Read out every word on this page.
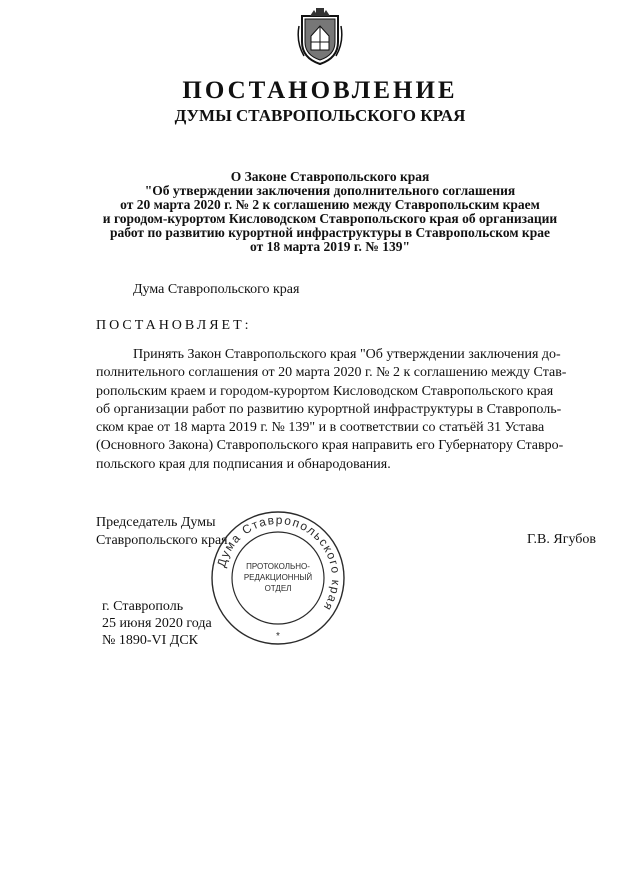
ПОСТАНОВЛЕНИЕ
ДУМЫ СТАВРОПОЛЬСКОГО КРАЯ
О Законе Ставропольского края
"Об утверждении заключения дополнительного соглашения
от 20 марта 2020 г. № 2 к соглашению между Ставропольским краем
и городом-курортом Кисловодском Ставропольского края об организации
работ по развитию курортной инфраструктуры в Ставропольском крае
от 18 марта 2019 г. № 139"
Дума Ставропольского края
ПОСТАНОВЛЯЕТ:
Принять Закон Ставропольского края "Об утверждении заключения до-
полнительного соглашения от 20 марта 2020 г. № 2 к соглашению между Став-
ропольским краем и городом-курортом Кисловодском Ставропольского края
об организации работ по развитию курортной инфраструктуры в Ставрополь-
ском крае от 18 марта 2019 г. № 139" и в соответствии со статьёй 31 Устава
(Основного Закона) Ставропольского края направить его Губернатору Ставро-
польского края для подписания и обнародования.
Председатель Думы
Ставропольского края	Г.В. Ягубов
г. Ставрополь
25 июня 2020 года
№ 1890-VI ДСК
Дума Ставропольского края
ПРОТОКОЛЬНО-
РЕДАКЦИОННЫЙ
ОТДЕЛ
*
